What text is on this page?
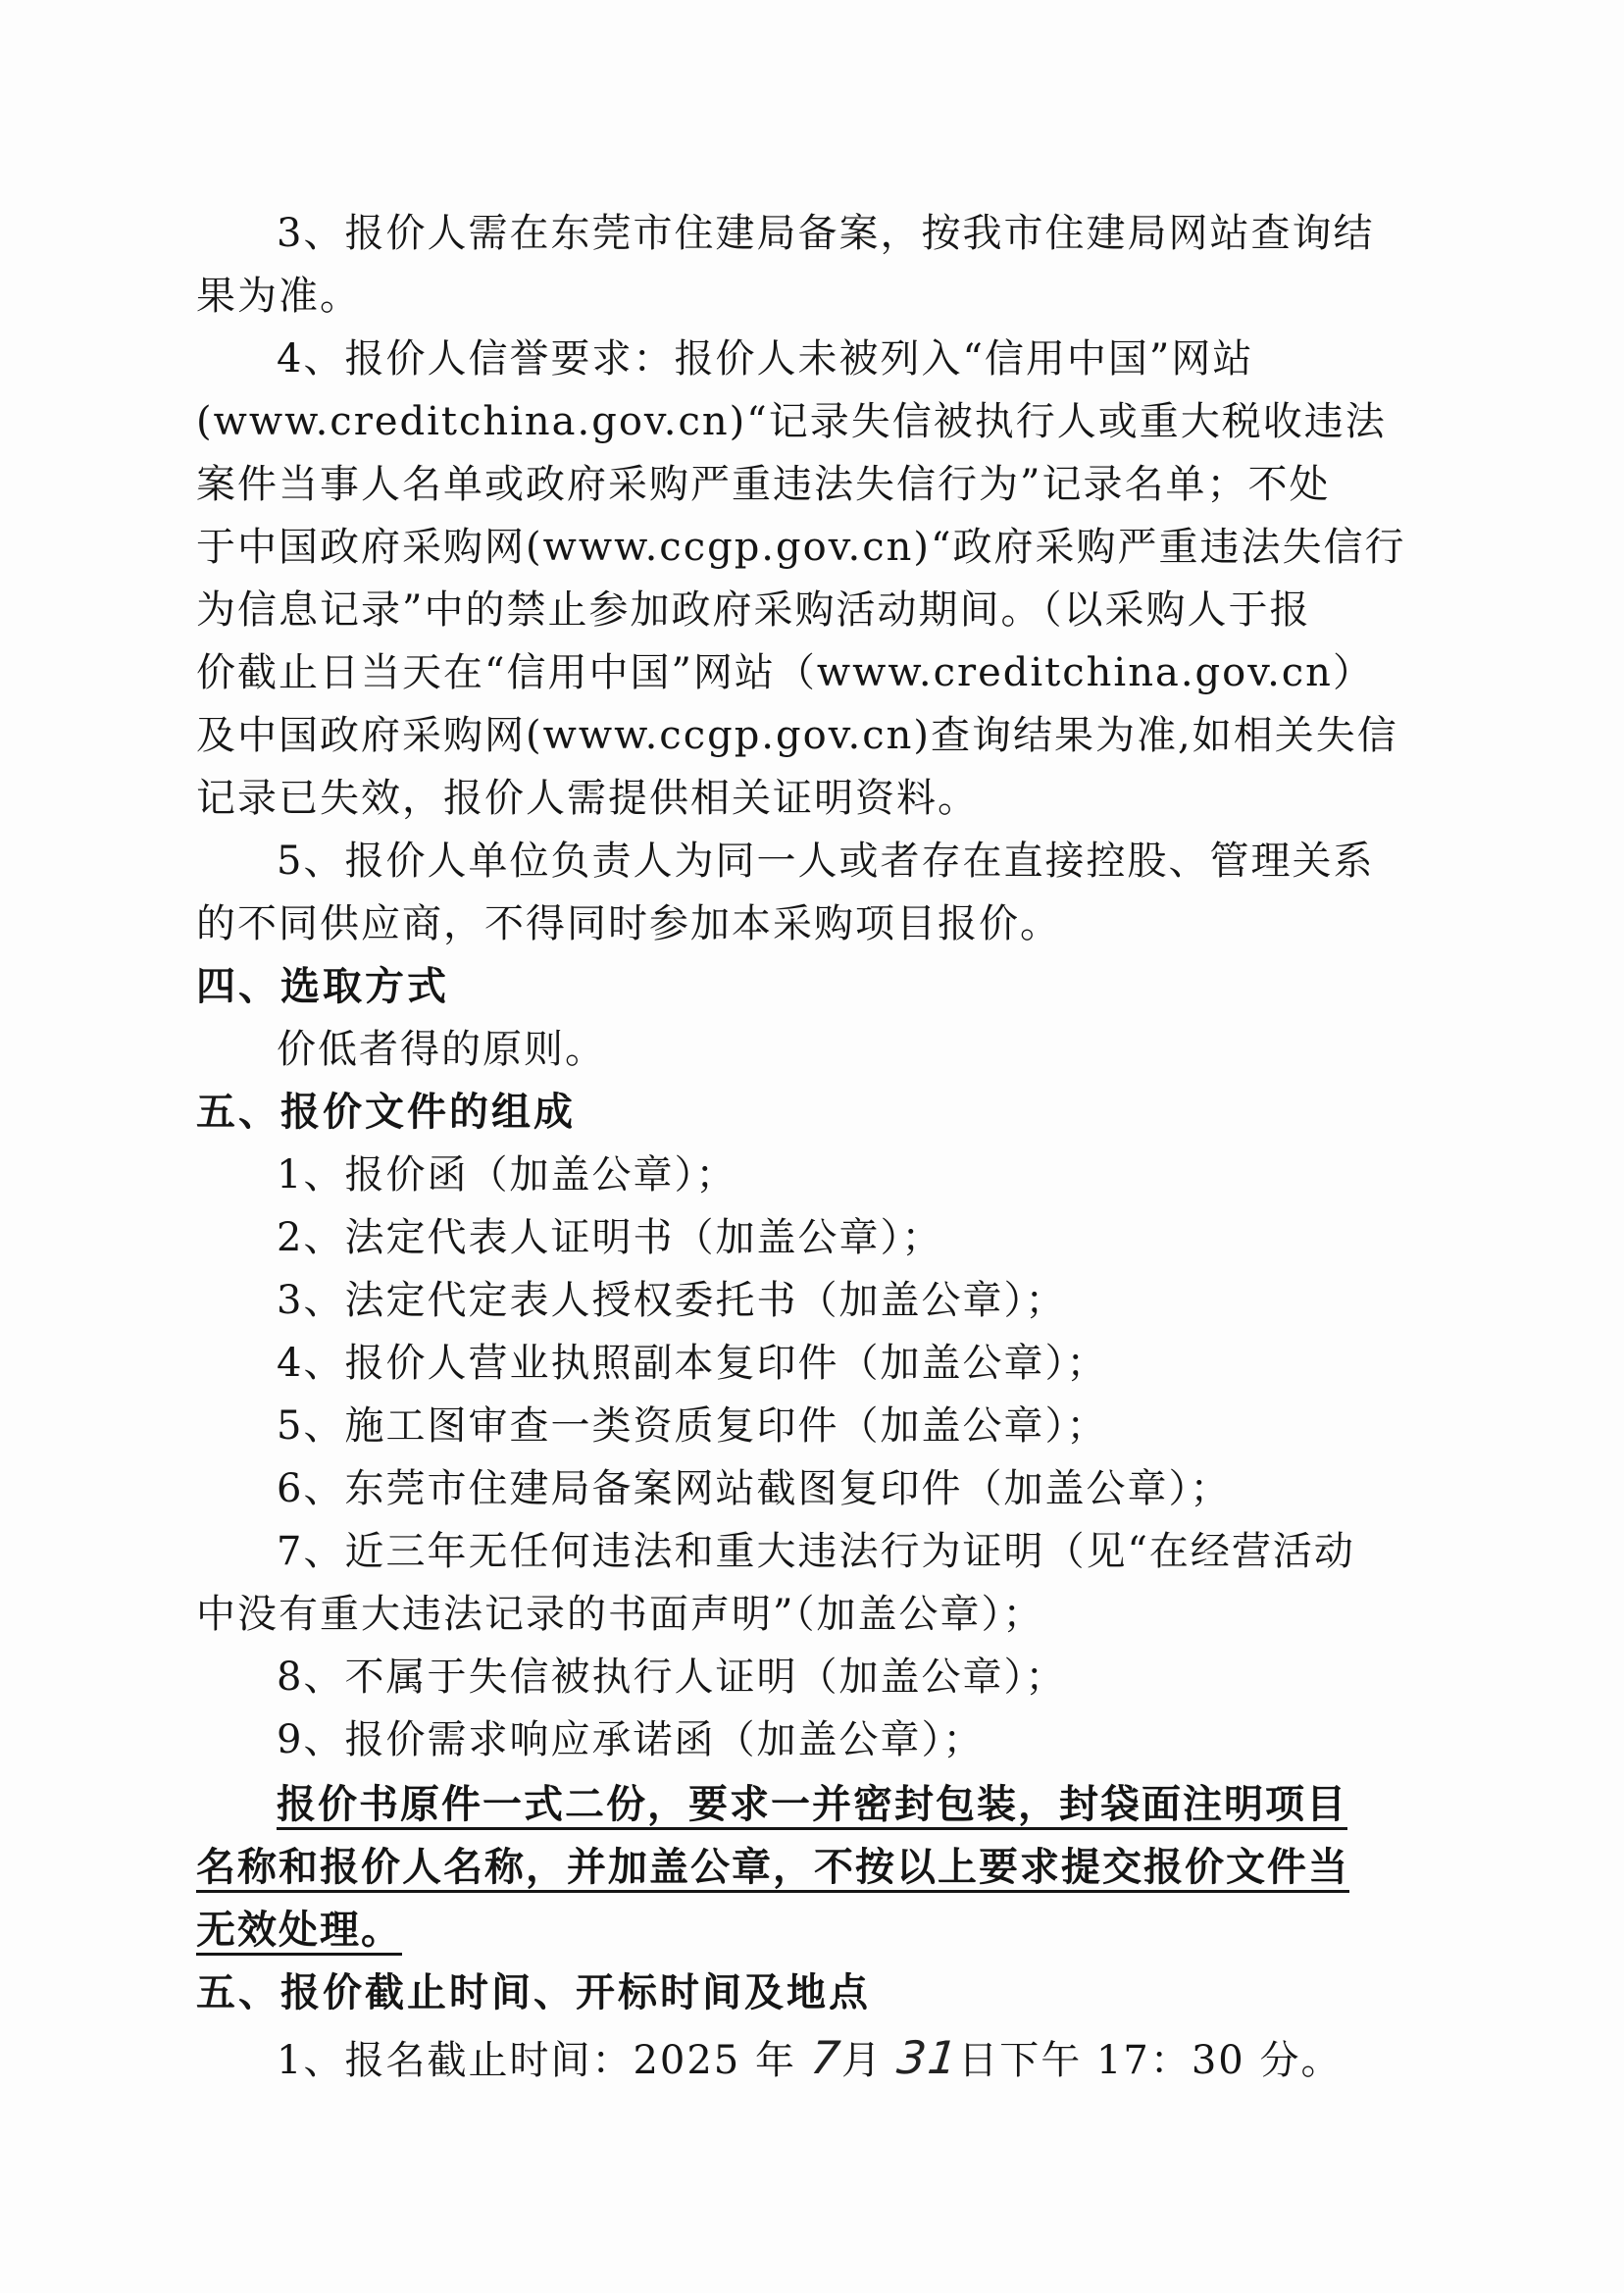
3、报价人需在东莞市住建局备案，按我市住建局网站查询结
果为准。
4、报价人信誉要求：报价人未被列入“信用中国”网站
(www.creditchina.gov.cn)“记录失信被执行人或重大税收违法
案件当事人名单或政府采购严重违法失信行为”记录名单；不处
于中国政府采购网(www.ccgp.gov.cn)“政府采购严重违法失信行
为信息记录”中的禁止参加政府采购活动期间。（以采购人于报
价截止日当天在“信用中国”网站（www.creditchina.gov.cn）
及中国政府采购网(www.ccgp.gov.cn)查询结果为准,如相关失信
记录已失效，报价人需提供相关证明资料。
5、报价人单位负责人为同一人或者存在直接控股、管理关系
的不同供应商，不得同时参加本采购项目报价。
四、选取方式
价低者得的原则。
五、报价文件的组成
1、报价函（加盖公章）；
2、法定代表人证明书（加盖公章）；
3、法定代定表人授权委托书（加盖公章）；
4、报价人营业执照副本复印件（加盖公章）；
5、施工图审查一类资质复印件（加盖公章）；
6、东莞市住建局备案网站截图复印件（加盖公章）；
7、近三年无任何违法和重大违法行为证明（见“在经营活动
中没有重大违法记录的书面声明”（加盖公章）；
8、不属于失信被执行人证明（加盖公章）；
9、报价需求响应承诺函（加盖公章）；
报价书原件一式二份，要求一并密封包装，封袋面注明项目
名称和报价人名称，并加盖公章，不按以上要求提交报价文件当
无效处理。
五、报价截止时间、开标时间及地点
1、报名截止时间：2025 年 7月 31日下午 17：30 分。
